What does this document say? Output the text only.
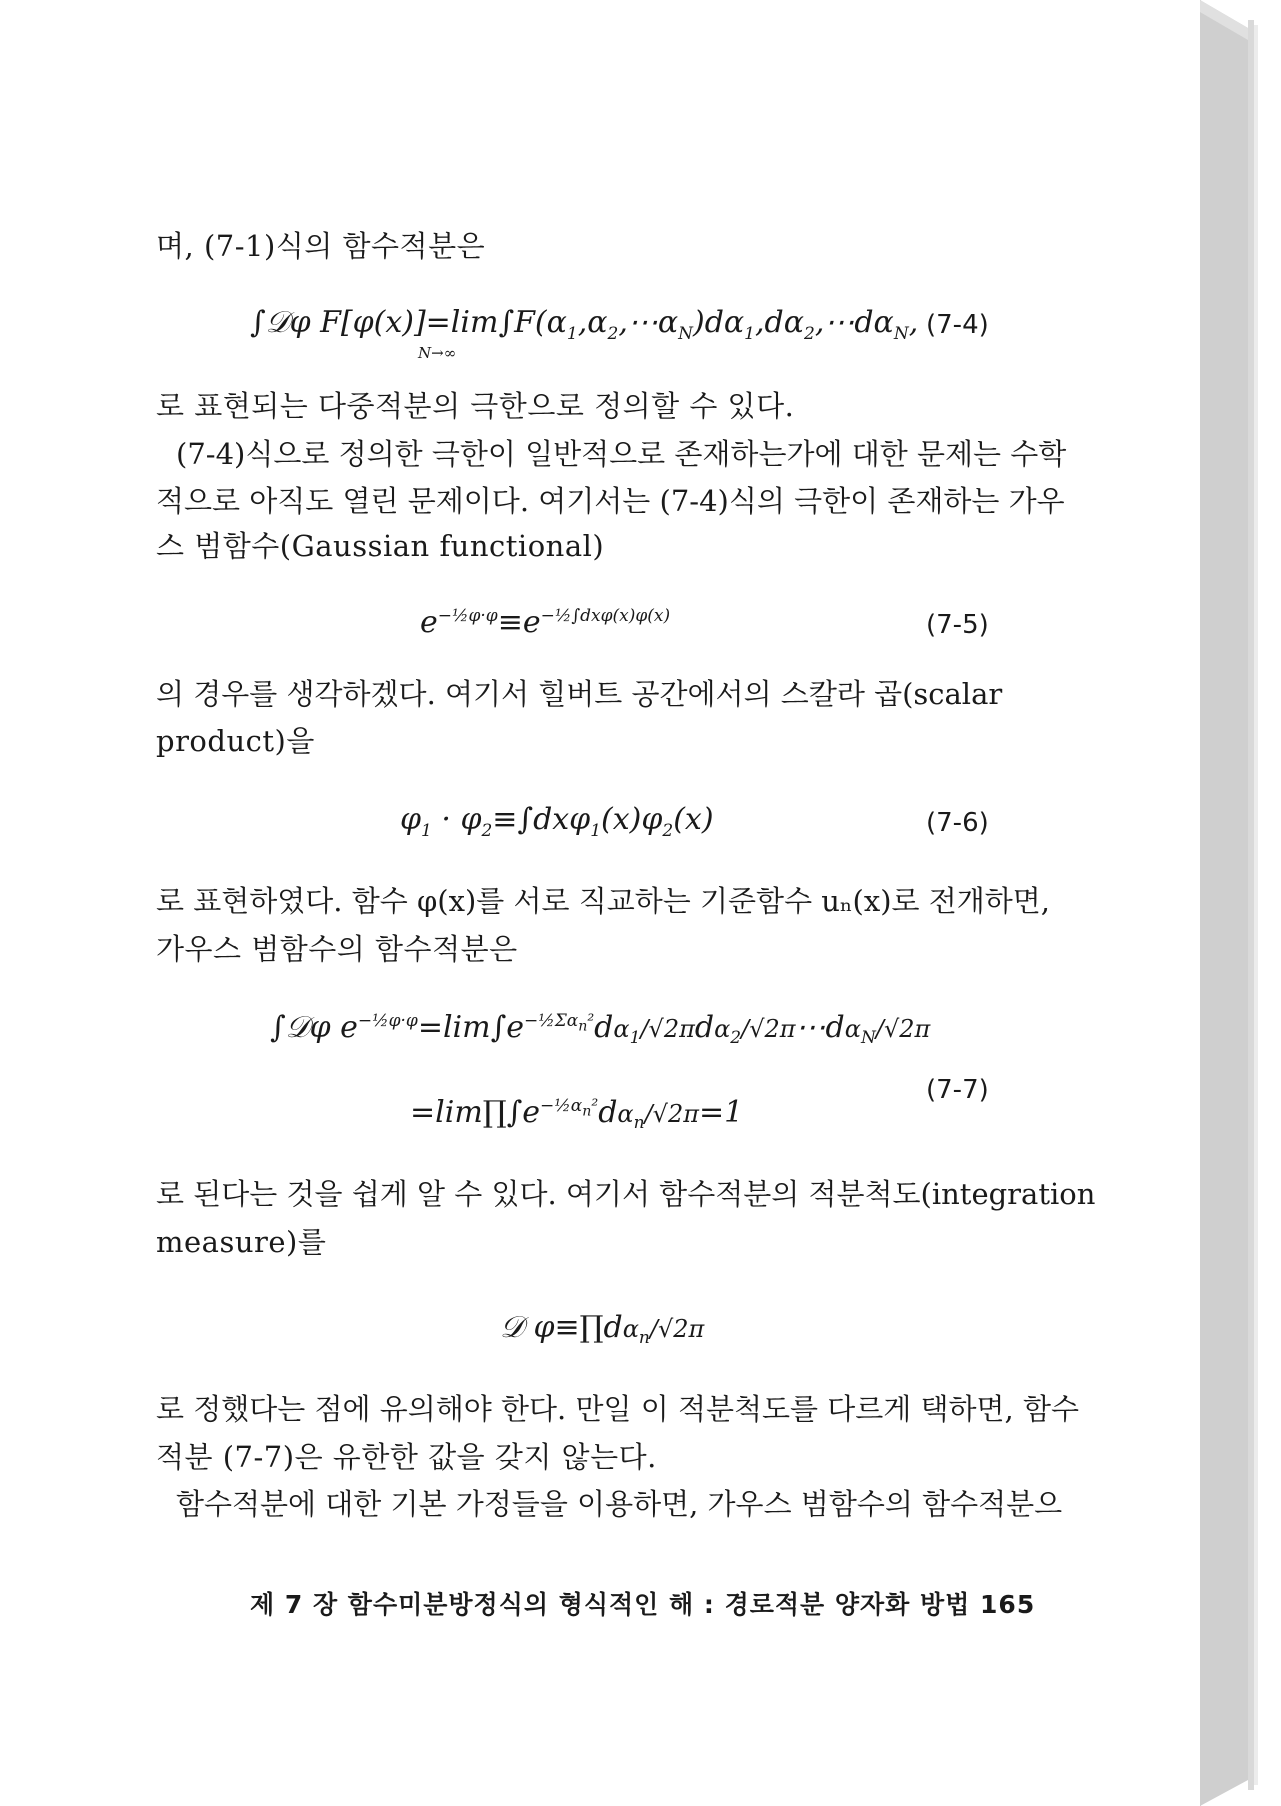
며, (7-1)식의 함수적분은
∫𝒟φ $F[\varphi(x)]=\lim\int F(\alpha_1,\alpha_2,\cdots\alpha_N)d\alpha_1,d\alpha_2,\cdots d\alpha_N$,
N→∞
(7-4)
로 표현되는 다중적분의 극한으로 정의할 수 있다.
(7-4)식으로 정의한 극한이 일반적으로 존재하는가에 대한 문제는 수학
적으로 아직도 열린 문제이다. 여기서는 (7-4)식의 극한이 존재하는 가우
스 범함수(Gaussian functional)
$e^{-\frac{1}{2}\varphi\cdot\varphi}\equiv e^{-\frac{1}{2}\int dx\varphi(x)\varphi(x)}$	(7-5)
의 경우를 생각하겠다. 여기서 힐버트 공간에서의 스칼라 곱(scalar
product)을
$\varphi_1 \cdot \varphi_2\equiv\int dx\varphi_1(x)\varphi_2(x)$	(7-6)
로 표현하였다. 함수 φ(x)를 서로 직교하는 기준함수 uₙ(x)로 전개하면,
가우스 범함수의 함수적분은
∫𝒟φ $e^{-\frac{1}{2}\varphi\cdot\varphi}=\lim\int e^{-\frac{1}{2}\Sigma\alpha_n^2}d\alpha_1/√2\pi d\alpha_2/√2\pi\cdots d\alpha_N/√2\pi$
$=\lim\prod\int e^{-\frac{1}{2}\alpha_n^2}d\alpha_n/√2\pi=1$
(7-7)
로 된다는 것을 쉽게 알 수 있다. 여기서 함수적분의 적분척도(integration
measure)를
𝒟 $\varphi\equiv\prod d\alpha_n/√2\pi$
로 정했다는 점에 유의해야 한다. 만일 이 적분척도를 다르게 택하면, 함수
적분 (7-7)은 유한한 값을 갖지 않는다.
함수적분에 대한 기본 가정들을 이용하면, 가우스 범함수의 함수적분으
제 7 장 함수미분방정식의 형식적인 해 : 경로적분 양자화 방법 165
